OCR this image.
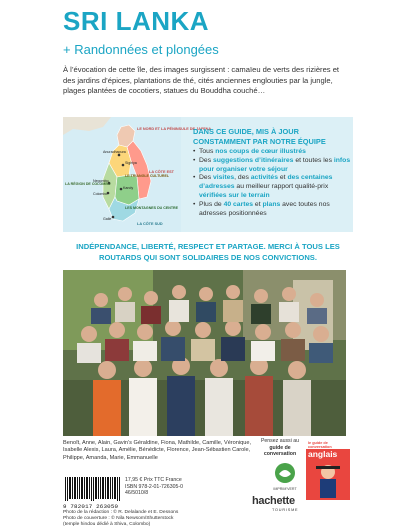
SRI LANKA
+ Randonnées et plongées

À l’évocation de cette île, des images surgissent : camaïeu de verts des rizières et des jardins d’épices, plantations de thé, cités anciennes englouties par la jungle, plages plantées de cocotiers, statues du Bouddha couché…

LE NORD ET LA PÉNINSULE DE JAFFNA
LA CÔTE EST
LE TRIANGLE CULTUREL
LA RÉGION DE COLOMBO
LES MONTAGNES DU CENTRE
LA CÔTE SUD
Anuradhapura
Sigiriya
Negombo
Kandy
Colombo
Galle
DANS CE GUIDE, MIS À JOUR CONSTAMMENT PAR NOTRE ÉQUIPE
• Tous nos coups de cœur illustrés
• Des suggestions d’itinéraires et toutes les infos pour organiser votre séjour
• Des visites, des activités et des centaines d’adresses au meilleur rapport qualité-prix vérifiées sur le terrain
• Plus de 40 cartes et plans avec toutes nos adresses positionnées
INDÉPENDANCE, LIBERTÉ, RESPECT ET PARTAGE. MERCI À TOUS LES ROUTARDS QUI SONT SOLIDAIRES DE NOS CONVICTIONS.

Benoît, Anne, Alain, Gavin’s Géraldine, Fiona, Mathilde, Camille, Véronique, Isabelle Alexis, Laura, Amélie, Bénédicte, Florence, Jean-Sébastien Carole, Philippe, Amanda, Marie, Emmanuelle

9 782017 263050
17,95 € Prix TTC France
ISBN 978-2-01-726305-0
46/5010/8
Photo de la rédaction : © R. Delalande et E. Dessons
Photo de couverture : © Nila Newsom/Shutterstock
(temple hindou dédié à Shiva, Colombo)
Pensez aussi au
guide de conversation
IMPRIM’VERT
hachette
TOURISME
le guide de conversation
anglais
